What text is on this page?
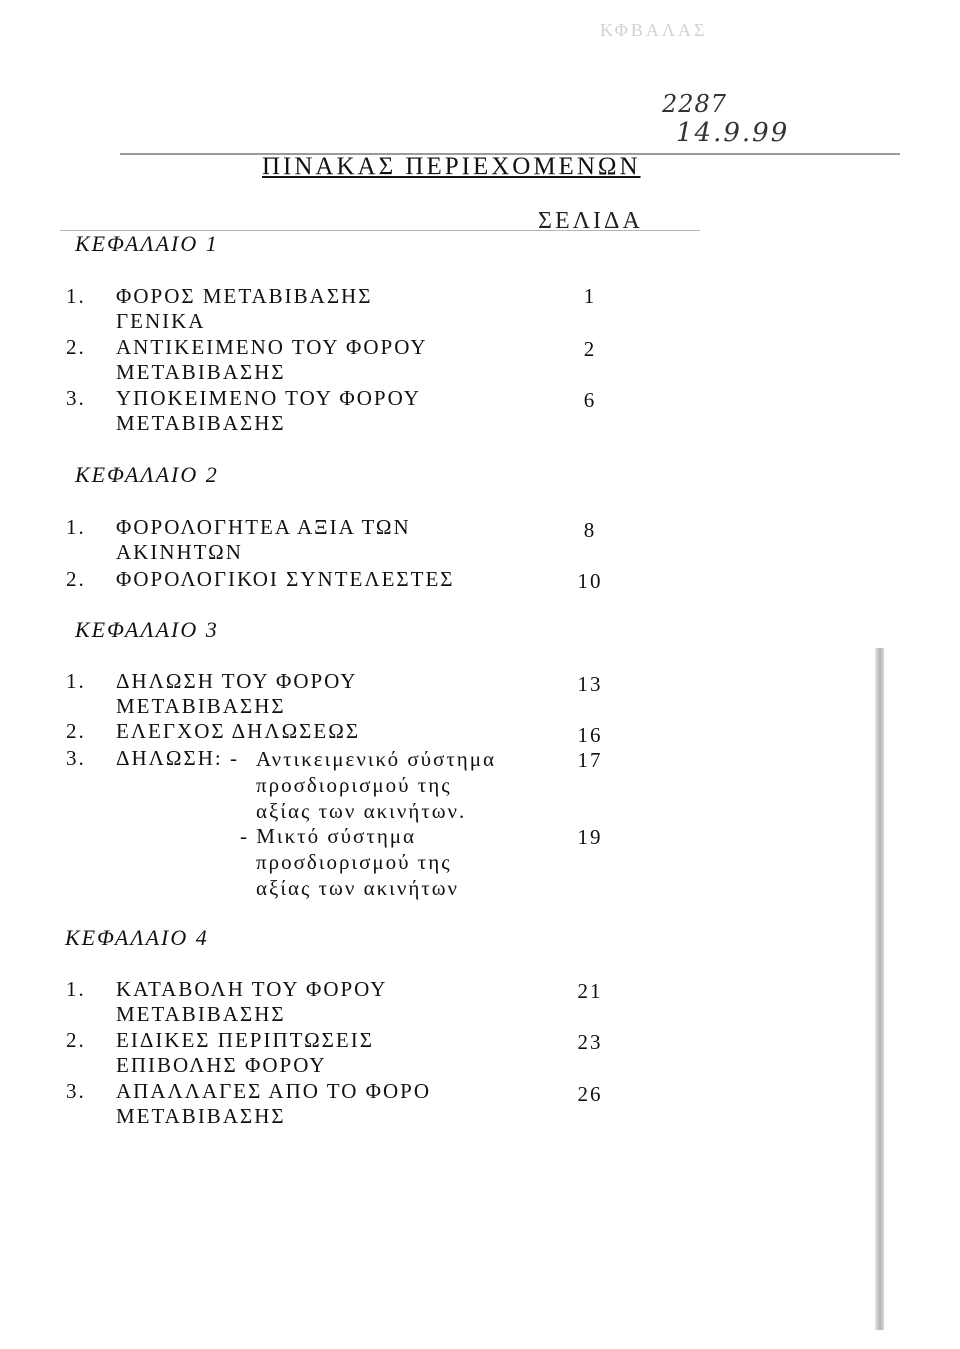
ΚΦΒΑΛΑΣ
2287
14.9.99
ΠΙΝΑΚΑΣ ΠΕΡΙΕΧΟΜΕΝΩΝ
ΣΕΛΙΔΑ
ΚΕΦΑΛΑΙΟ 1
1. ΦΟΡΟΣ ΜΕΤΑΒΙΒΑΣΗΣ
ΓΕΝΙΚΑ
1
2. ΑΝΤΙΚΕΙΜΕΝΟ ΤΟΥ ΦΟΡΟΥ
ΜΕΤΑΒΙΒΑΣΗΣ
2
3. ΥΠΟΚΕΙΜΕΝΟ ΤΟΥ ΦΟΡΟΥ
ΜΕΤΑΒΙΒΑΣΗΣ
6
ΚΕΦΑΛΑΙΟ 2
1. ΦΟΡΟΛΟΓΗΤΕΑ ΑΞΙΑ ΤΩΝ
ΑΚΙΝΗΤΩΝ
8
2. ΦΟΡΟΛΟΓΙΚΟΙ ΣΥΝΤΕΛΕΣΤΕΣ	10
ΚΕΦΑΛΑΙΟ 3
1. ΔΗΛΩΣΗ ΤΟΥ ΦΟΡΟΥ
ΜΕΤΑΒΙΒΑΣΗΣ
13
2. ΕΛΕΓΧΟΣ ΔΗΛΩΣΕΩΣ	16
3. ΔΗΛΩΣΗ: - Αντικειμενικό σύστημα
προσδιορισμού της
αξίας των ακινήτων.
17
- Μικτό σύστημα
προσδιορισμού της
αξίας των ακινήτων
19
ΚΕΦΑΛΑΙΟ 4
1. ΚΑΤΑΒΟΛΗ ΤΟΥ ΦΟΡΟΥ
ΜΕΤΑΒΙΒΑΣΗΣ
21
2. ΕΙΔΙΚΕΣ ΠΕΡΙΠΤΩΣΕΙΣ
ΕΠΙΒΟΛΗΣ ΦΟΡΟΥ
23
3. ΑΠΑΛΛΑΓΕΣ ΑΠΟ ΤΟ ΦΟΡΟ
ΜΕΤΑΒΙΒΑΣΗΣ
26
